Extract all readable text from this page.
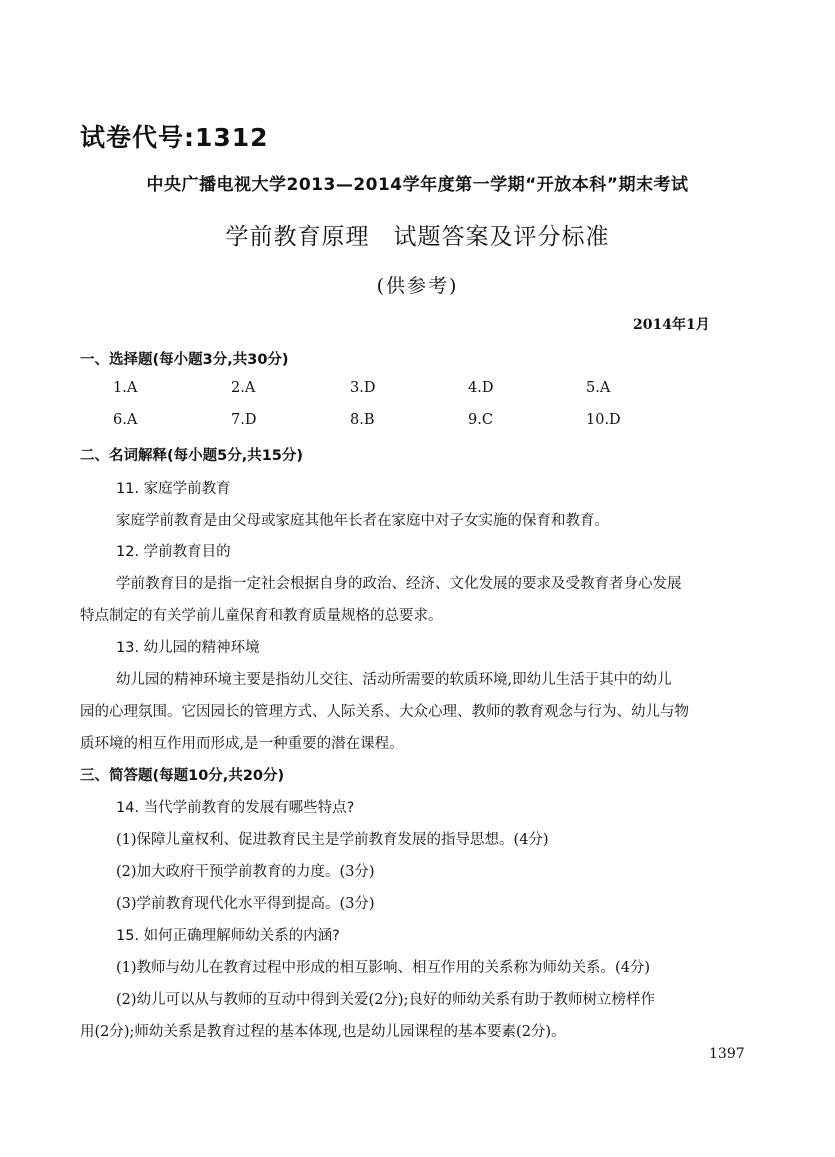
试卷代号:1312
中央广播电视大学2013—2014学年度第一学期“开放本科”期末考试
学前教育原理　试题答案及评分标准
(供参考)
2014年1月
一、选择题(每小题3分,共30分)
1.A	2.A	3.D	4.D	5.A
6.A	7.D	8.B	9.C	10.D
二、名词解释(每小题5分,共15分)
11. 家庭学前教育
家庭学前教育是由父母或家庭其他年长者在家庭中对子女实施的保育和教育。
12. 学前教育目的
学前教育目的是指一定社会根据自身的政治、经济、文化发展的要求及受教育者身心发展
特点制定的有关学前儿童保育和教育质量规格的总要求。
13. 幼儿园的精神环境
幼儿园的精神环境主要是指幼儿交往、活动所需要的软质环境,即幼儿生活于其中的幼儿
园的心理氛围。它因园长的管理方式、人际关系、大众心理、教师的教育观念与行为、幼儿与物
质环境的相互作用而形成,是一种重要的潜在课程。
三、简答题(每题10分,共20分)
14. 当代学前教育的发展有哪些特点?
(1)保障儿童权利、促进教育民主是学前教育发展的指导思想。(4分)
(2)加大政府干预学前教育的力度。(3分)
(3)学前教育现代化水平得到提高。(3分)
15. 如何正确理解师幼关系的内涵?
(1)教师与幼儿在教育过程中形成的相互影响、相互作用的关系称为师幼关系。(4分)
(2)幼儿可以从与教师的互动中得到关爱(2分);良好的师幼关系有助于教师树立榜样作
用(2分);师幼关系是教育过程的基本体现,也是幼儿园课程的基本要素(2分)。
1397
